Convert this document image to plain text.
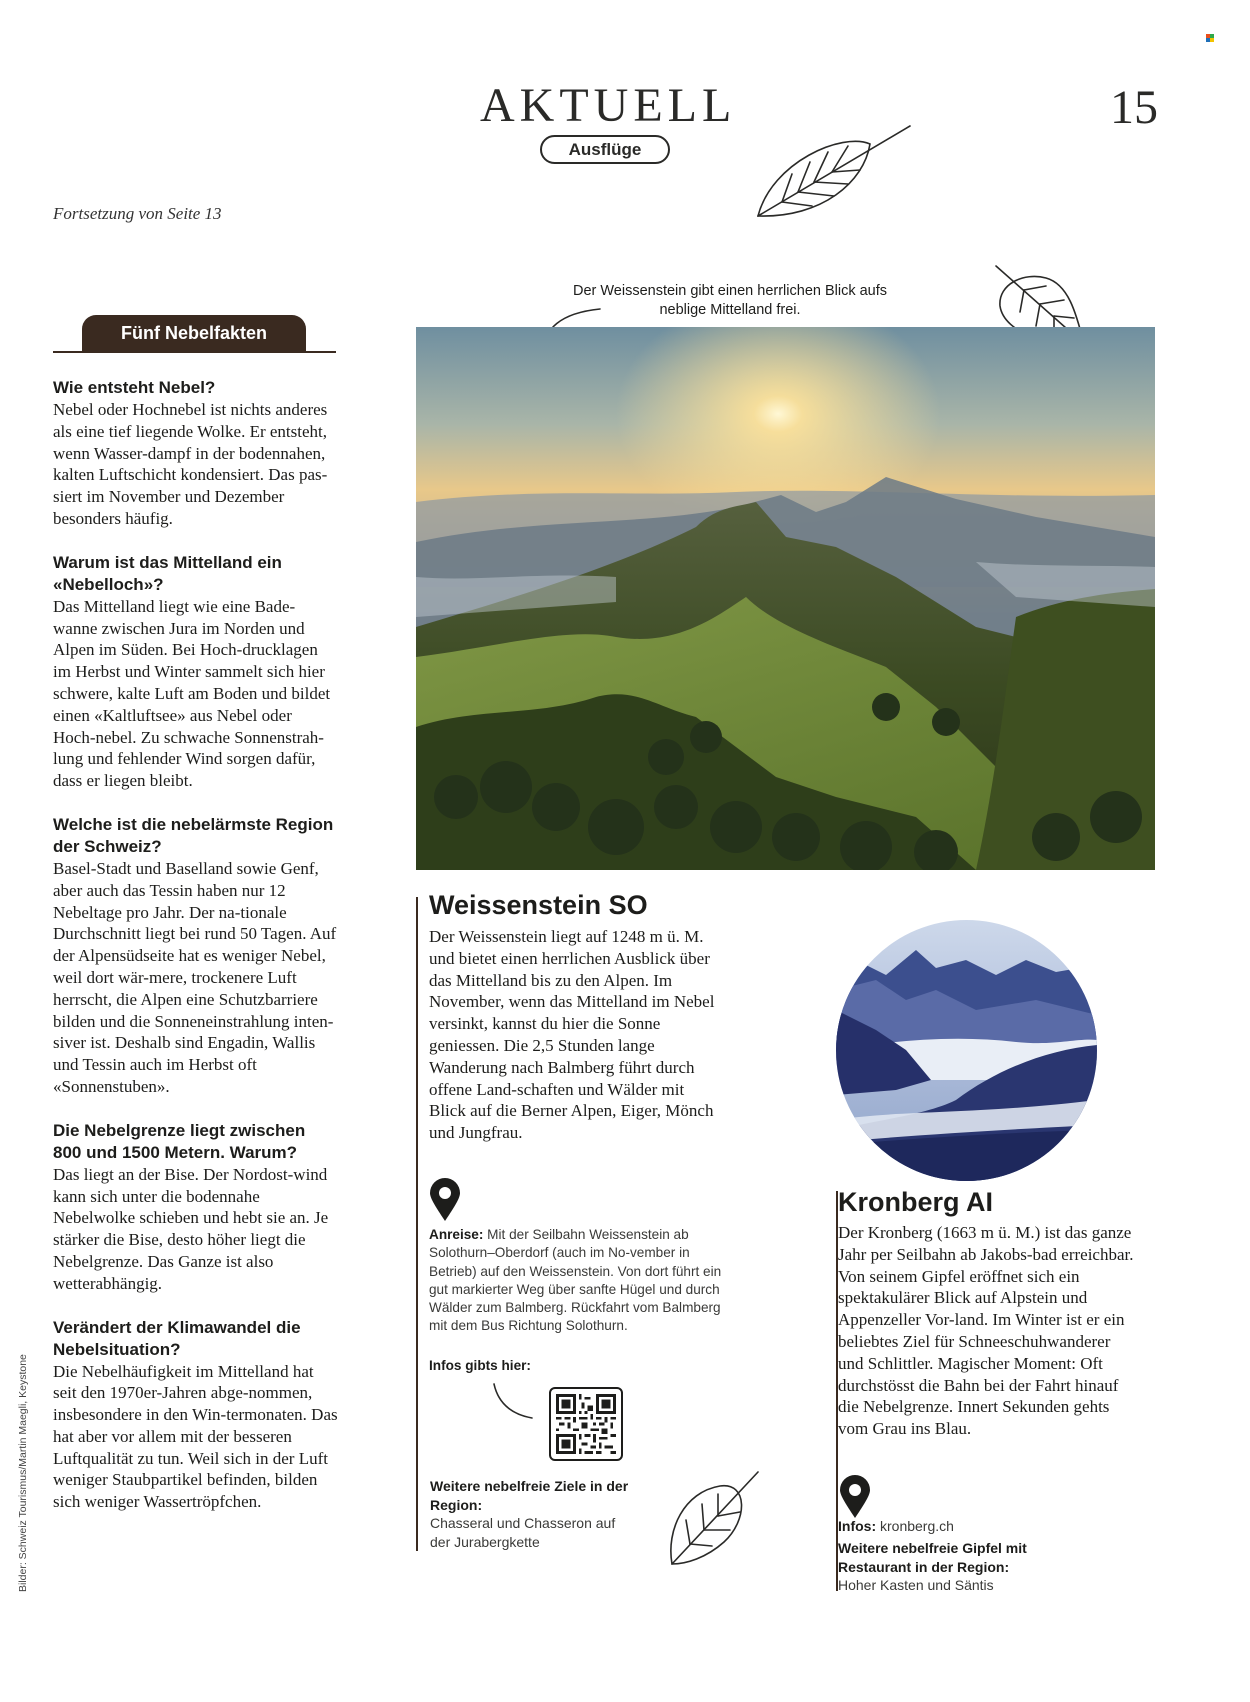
AKTUELL	15
Ausflüge
Fortsetzung von Seite 13
Fünf Nebelfakten
Wie entsteht Nebel?

Nebel oder Hochnebel ist nichts anderes als eine tief liegende Wolke. Er entsteht, wenn Wasser-dampf in der bodennahen, kalten Luftschicht kondensiert. Das pas-siert im November und Dezember besonders häufig.

Warum ist das Mittelland ein «Nebelloch»?

Das Mittelland liegt wie eine Bade-wanne zwischen Jura im Norden und Alpen im Süden. Bei Hoch-drucklagen im Herbst und Winter sammelt sich hier schwere, kalte Luft am Boden und bildet einen «Kaltluftsee» aus Nebel oder Hoch-nebel. Zu schwache Sonnenstrah-lung und fehlender Wind sorgen dafür, dass er liegen bleibt.

Welche ist die nebelärmste Region der Schweiz?

Basel-Stadt und Baselland sowie Genf, aber auch das Tessin haben nur 12 Nebeltage pro Jahr. Der na-tionale Durchschnitt liegt bei rund 50 Tagen. Auf der Alpensüdseite hat es weniger Nebel, weil dort wär-mere, trockenere Luft herrscht, die Alpen eine Schutzbarriere bilden und die Sonneneinstrahlung inten-siver ist. Deshalb sind Engadin, Wallis und Tessin auch im Herbst oft «Sonnenstuben».

Die Nebelgrenze liegt zwischen 800 und 1500 Metern. Warum?

Das liegt an der Bise. Der Nordost-wind kann sich unter die bodennahe Nebelwolke schieben und hebt sie an. Je stärker die Bise, desto höher liegt die Nebelgrenze. Das Ganze ist also wetterabhängig.

Verändert der Klimawandel die Nebelsituation?

Die Nebelhäufigkeit im Mittelland hat seit den 1970er-Jahren abge-nommen, insbesondere in den Win-termonaten. Das hat aber vor allem mit der besseren Luftqualität zu tun. Weil sich in der Luft weniger Staubpartikel befinden, bilden sich weniger Wassertröpfchen.

Bilder: Schweiz Tourismus/Martin Maegli, Keystone
Der Weissenstein gibt einen herrlichen Blick aufs neblige Mittelland frei.
Weissenstein SO
Der Weissenstein liegt auf 1248 m ü. M. und bietet einen herrlichen Ausblick über das Mittelland bis zu den Alpen. Im November, wenn das Mittelland im Nebel versinkt, kannst du hier die Sonne geniessen. Die 2,5 Stunden lange Wanderung nach Balmberg führt durch offene Land-schaften und Wälder mit Blick auf die Berner Alpen, Eiger, Mönch und Jungfrau.
Anreise: Mit der Seilbahn Weissenstein ab Solothurn–Oberdorf (auch im No-vember in Betrieb) auf den Weissenstein. Von dort führt ein gut markierter Weg über sanfte Hügel und durch Wälder zum Balmberg. Rückfahrt vom Balmberg mit dem Bus Richtung Solothurn.
Infos gibts hier:
Weitere nebelfreie Ziele in der Region:
Chasseral und Chasseron auf der Jurabergkette
Kronberg AI
Der Kronberg (1663 m ü. M.) ist das ganze Jahr per Seilbahn ab Jakobs-bad erreichbar. Von seinem Gipfel eröffnet sich ein spektakulärer Blick auf Alpstein und Appenzeller Vor-land. Im Winter ist er ein beliebtes Ziel für Schneeschuhwanderer und Schlittler. Magischer Moment: Oft durchstösst die Bahn bei der Fahrt hinauf die Nebelgrenze. Innert Sekunden gehts vom Grau ins Blau.
Infos: kronberg.ch
Weitere nebelfreie Gipfel mit Restaurant in der Region:
Hoher Kasten und Säntis
